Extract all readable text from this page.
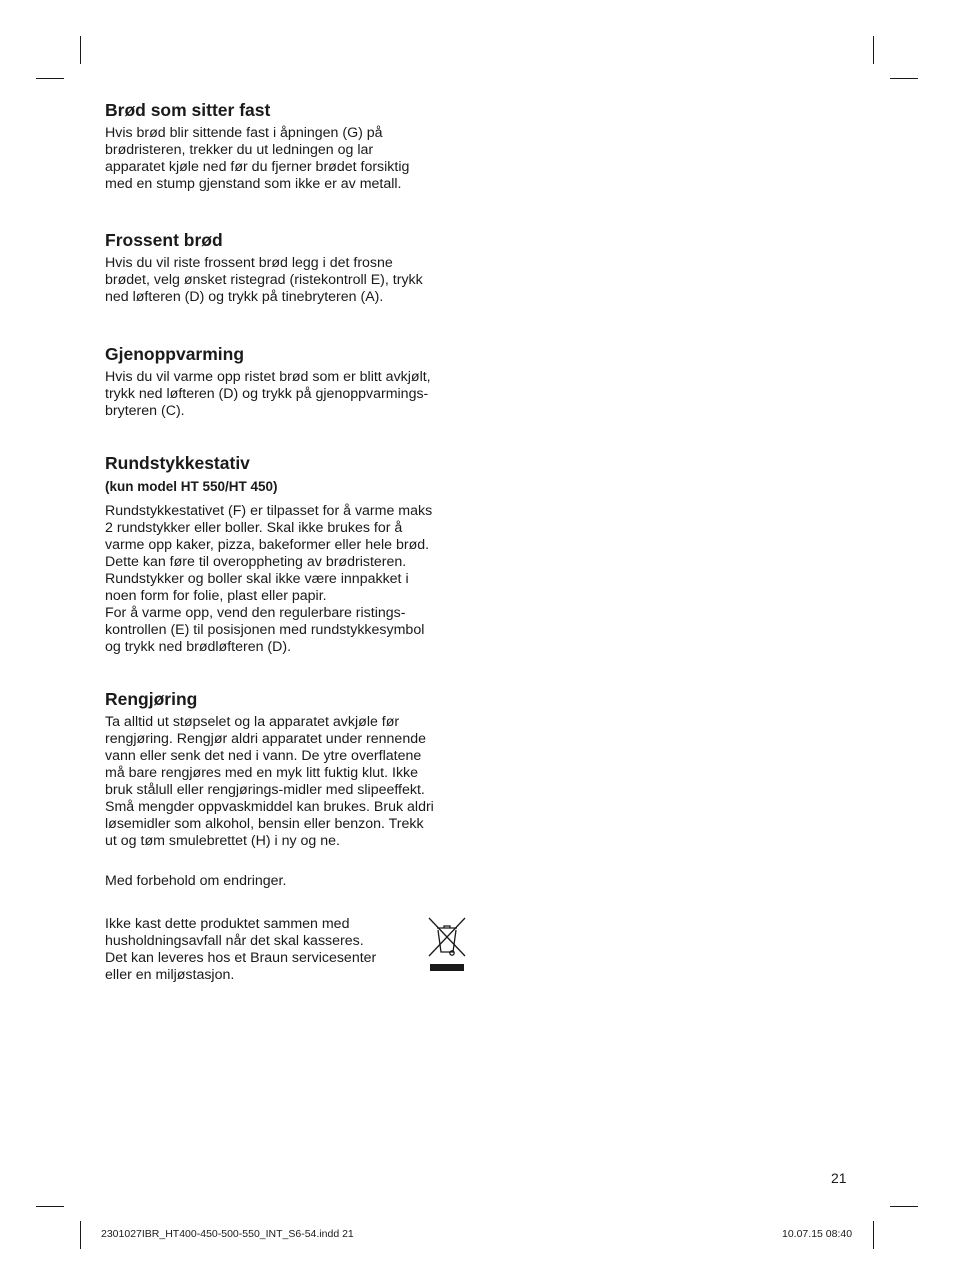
Brød som sitter fast

Hvis brød blir sittende fast i åpningen (G) på
brødristeren, trekker du ut ledningen og lar
apparatet kjøle ned før du fjerner brødet forsiktig
med en stump gjenstand som ikke er av metall.

Frossent brød

Hvis du vil riste frossent brød legg i det frosne
brødet, velg ønsket ristegrad (ristekontroll E), trykk
ned løfteren (D) og trykk på tinebryteren (A).

Gjenoppvarming

Hvis du vil varme opp ristet brød som er blitt avkjølt,
trykk ned løfteren (D) og trykk på gjenoppvarmings-
bryteren (C).

Rundstykkestativ
(kun model HT 550/HT 450)

Rundstykkestativet (F) er tilpasset for å varme maks
2 rundstykker eller boller. Skal ikke brukes for å
varme opp kaker, pizza, bakeformer eller hele brød.
Dette kan føre til overoppheting av brødristeren.
Rundstykker og boller skal ikke være innpakket i
noen form for folie, plast eller papir.
For å varme opp, vend den regulerbare ristings-
kontrollen (E) til posisjonen med rundstykkesymbol
og trykk ned brødløfteren (D).

Rengjøring

Ta alltid ut støpselet og la apparatet avkjøle før
rengjøring. Rengjør aldri apparatet under rennende
vann eller senk det ned i vann. De ytre overflatene
må bare rengjøres med en myk litt fuktig klut. Ikke
bruk stålull eller rengjørings-midler med slipeeffekt.
Små mengder oppvaskmiddel kan brukes. Bruk aldri
løsemidler som alkohol, bensin eller benzon. Trekk
ut og tøm smulebrettet (H) i ny og ne.

Med forbehold om endringer.

Ikke kast dette produktet sammen med
husholdningsavfall når det skal kasseres.
Det kan leveres hos et Braun servicesenter
eller en miljøstasjon.

21
2301027IBR_HT400-450-500-550_INT_S6-54.indd 21	10.07.15 08:40
